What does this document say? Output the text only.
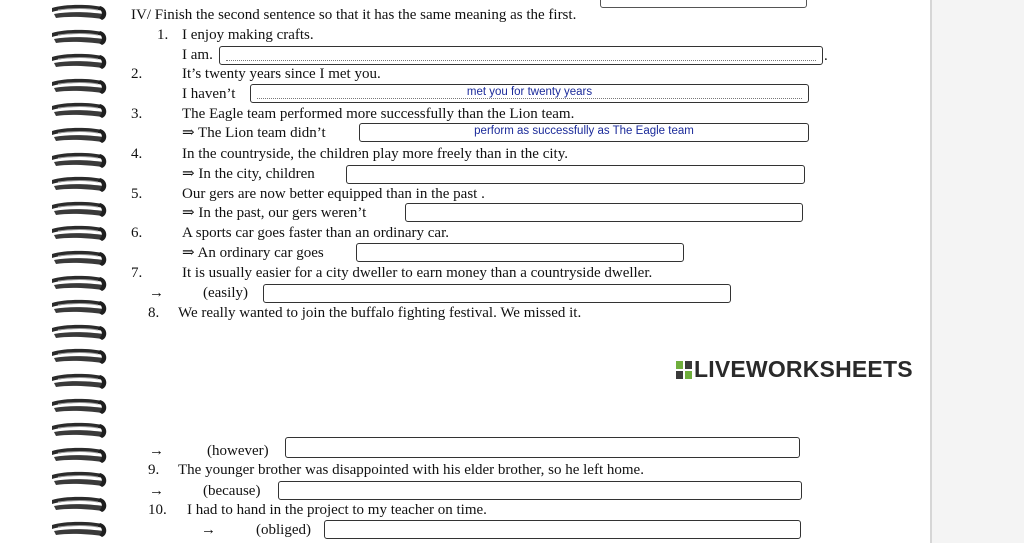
IV/ Finish the second sentence so that it has the same meaning as the first.
1. I enjoy making crafts.
I am.	.
2.	It’s twenty years since I met you.
I haven’t	met you for twenty years
3.	The Eagle team performed more successfully than the Lion team.
⇒ The Lion team didn’t	perform as successfully as The Eagle team
4.	In the countryside, the children play more freely than in the city.
⇒ In the city, children
5.	Our gers are now better equipped than in the past .
⇒ In the past, our gers weren’t
6.	A sports car goes faster than an ordinary car.
⇒ An ordinary car goes
7.	It is usually easier for a city dweller to earn money than a countryside dweller.
→	(easily)
8. We really wanted to join the buffalo fighting festival. We missed it.
LIVEWORKSHEETS
→	(however)
9. The younger brother was disappointed with his elder brother, so he left home.
→	(because)
10. I had to hand in the project to my teacher on time.
→	(obliged)
